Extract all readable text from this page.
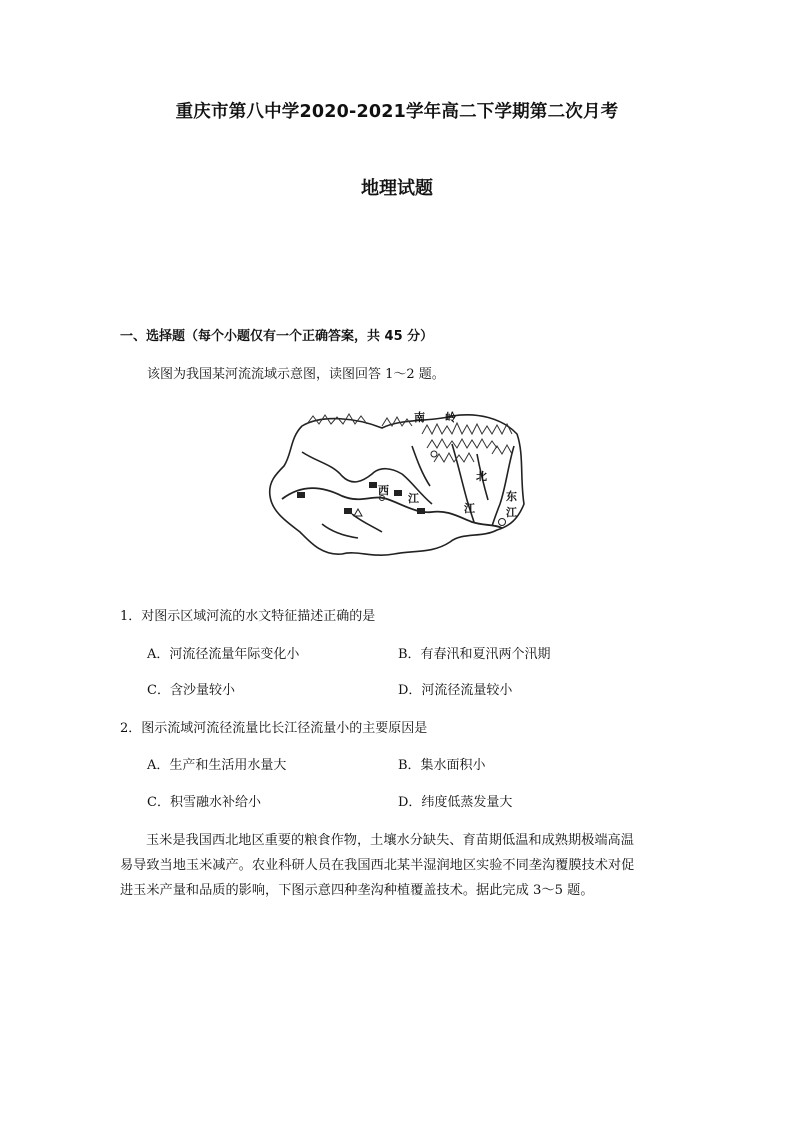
重庆市第八中学2020-2021学年高二下学期第二次月考
地理试题
一、选择题（每个小题仅有一个正确答案，共 45 分）
该图为我国某河流流域示意图，读图回答 1～2 题。
南 岭
西
江
北
江
东
江
1．对图示区域河流的水文特征描述正确的是
A．河流径流量年际变化小	B．有春汛和夏汛两个汛期
C．含沙量较小	D．河流径流量较小
2．图示流域河流径流量比长江径流量小的主要原因是
A．生产和生活用水量大	B．集水面积小
C．积雪融水补给小	D．纬度低蒸发量大
玉米是我国西北地区重要的粮食作物，土壤水分缺失、育苗期低温和成熟期极端高温
易导致当地玉米减产。农业科研人员在我国西北某半湿润地区实验不同垄沟覆膜技术对促
进玉米产量和品质的影响，下图示意四种垄沟种植覆盖技术。据此完成 3～5 题。
